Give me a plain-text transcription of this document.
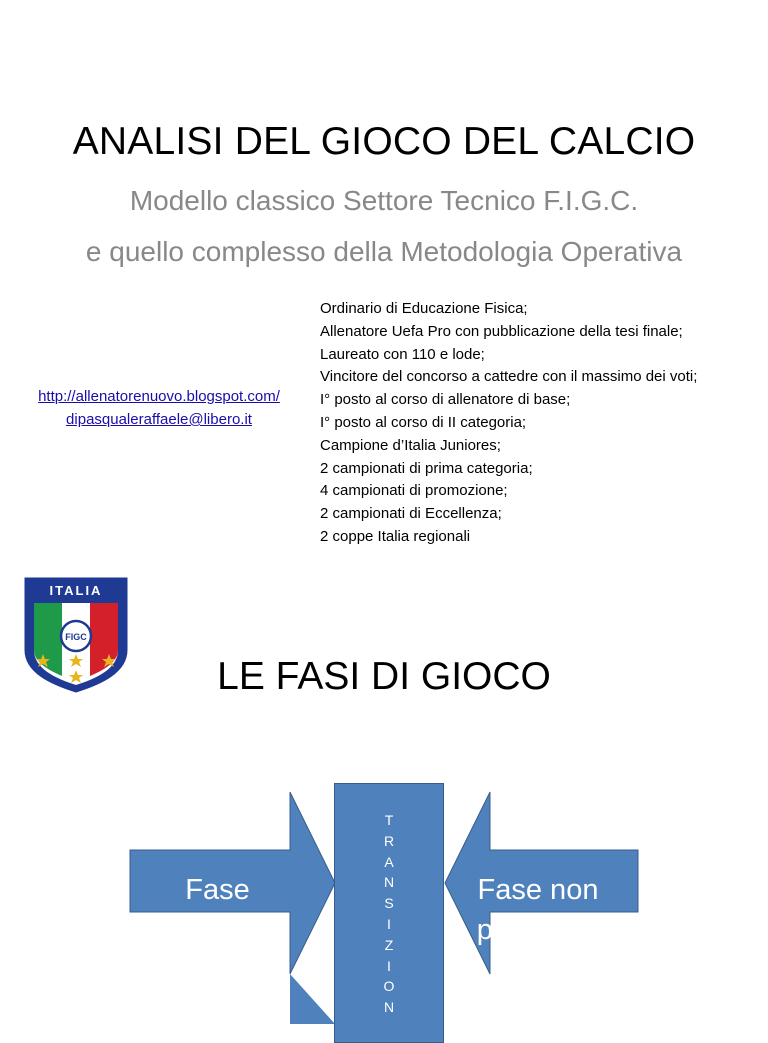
ANALISI DEL GIOCO DEL CALCIO
Modello classico Settore Tecnico F.I.G.C.
e quello complesso della Metodologia Operativa
http://allenatorenuovo.blogspot.com/
dipasqualeraffaele@libero.it
Ordinario di Educazione Fisica;
Allenatore Uefa Pro con pubblicazione della tesi finale;
Laureato con 110 e lode;
Vincitore del concorso a cattedre con il massimo dei voti;
I° posto al corso di allenatore di base;
I° posto al corso di II categoria;
Campione d’Italia Juniores;
2 campionati di prima categoria;
4 campionati di promozione;
2 campionati di Eccellenza;
2 coppe Italia regionali
ITALIA
FIGC
LE FASI DI GIOCO
Fase
possesso
Fase non
possesso
T
R
A
N
S
I
Z
I
O
N
